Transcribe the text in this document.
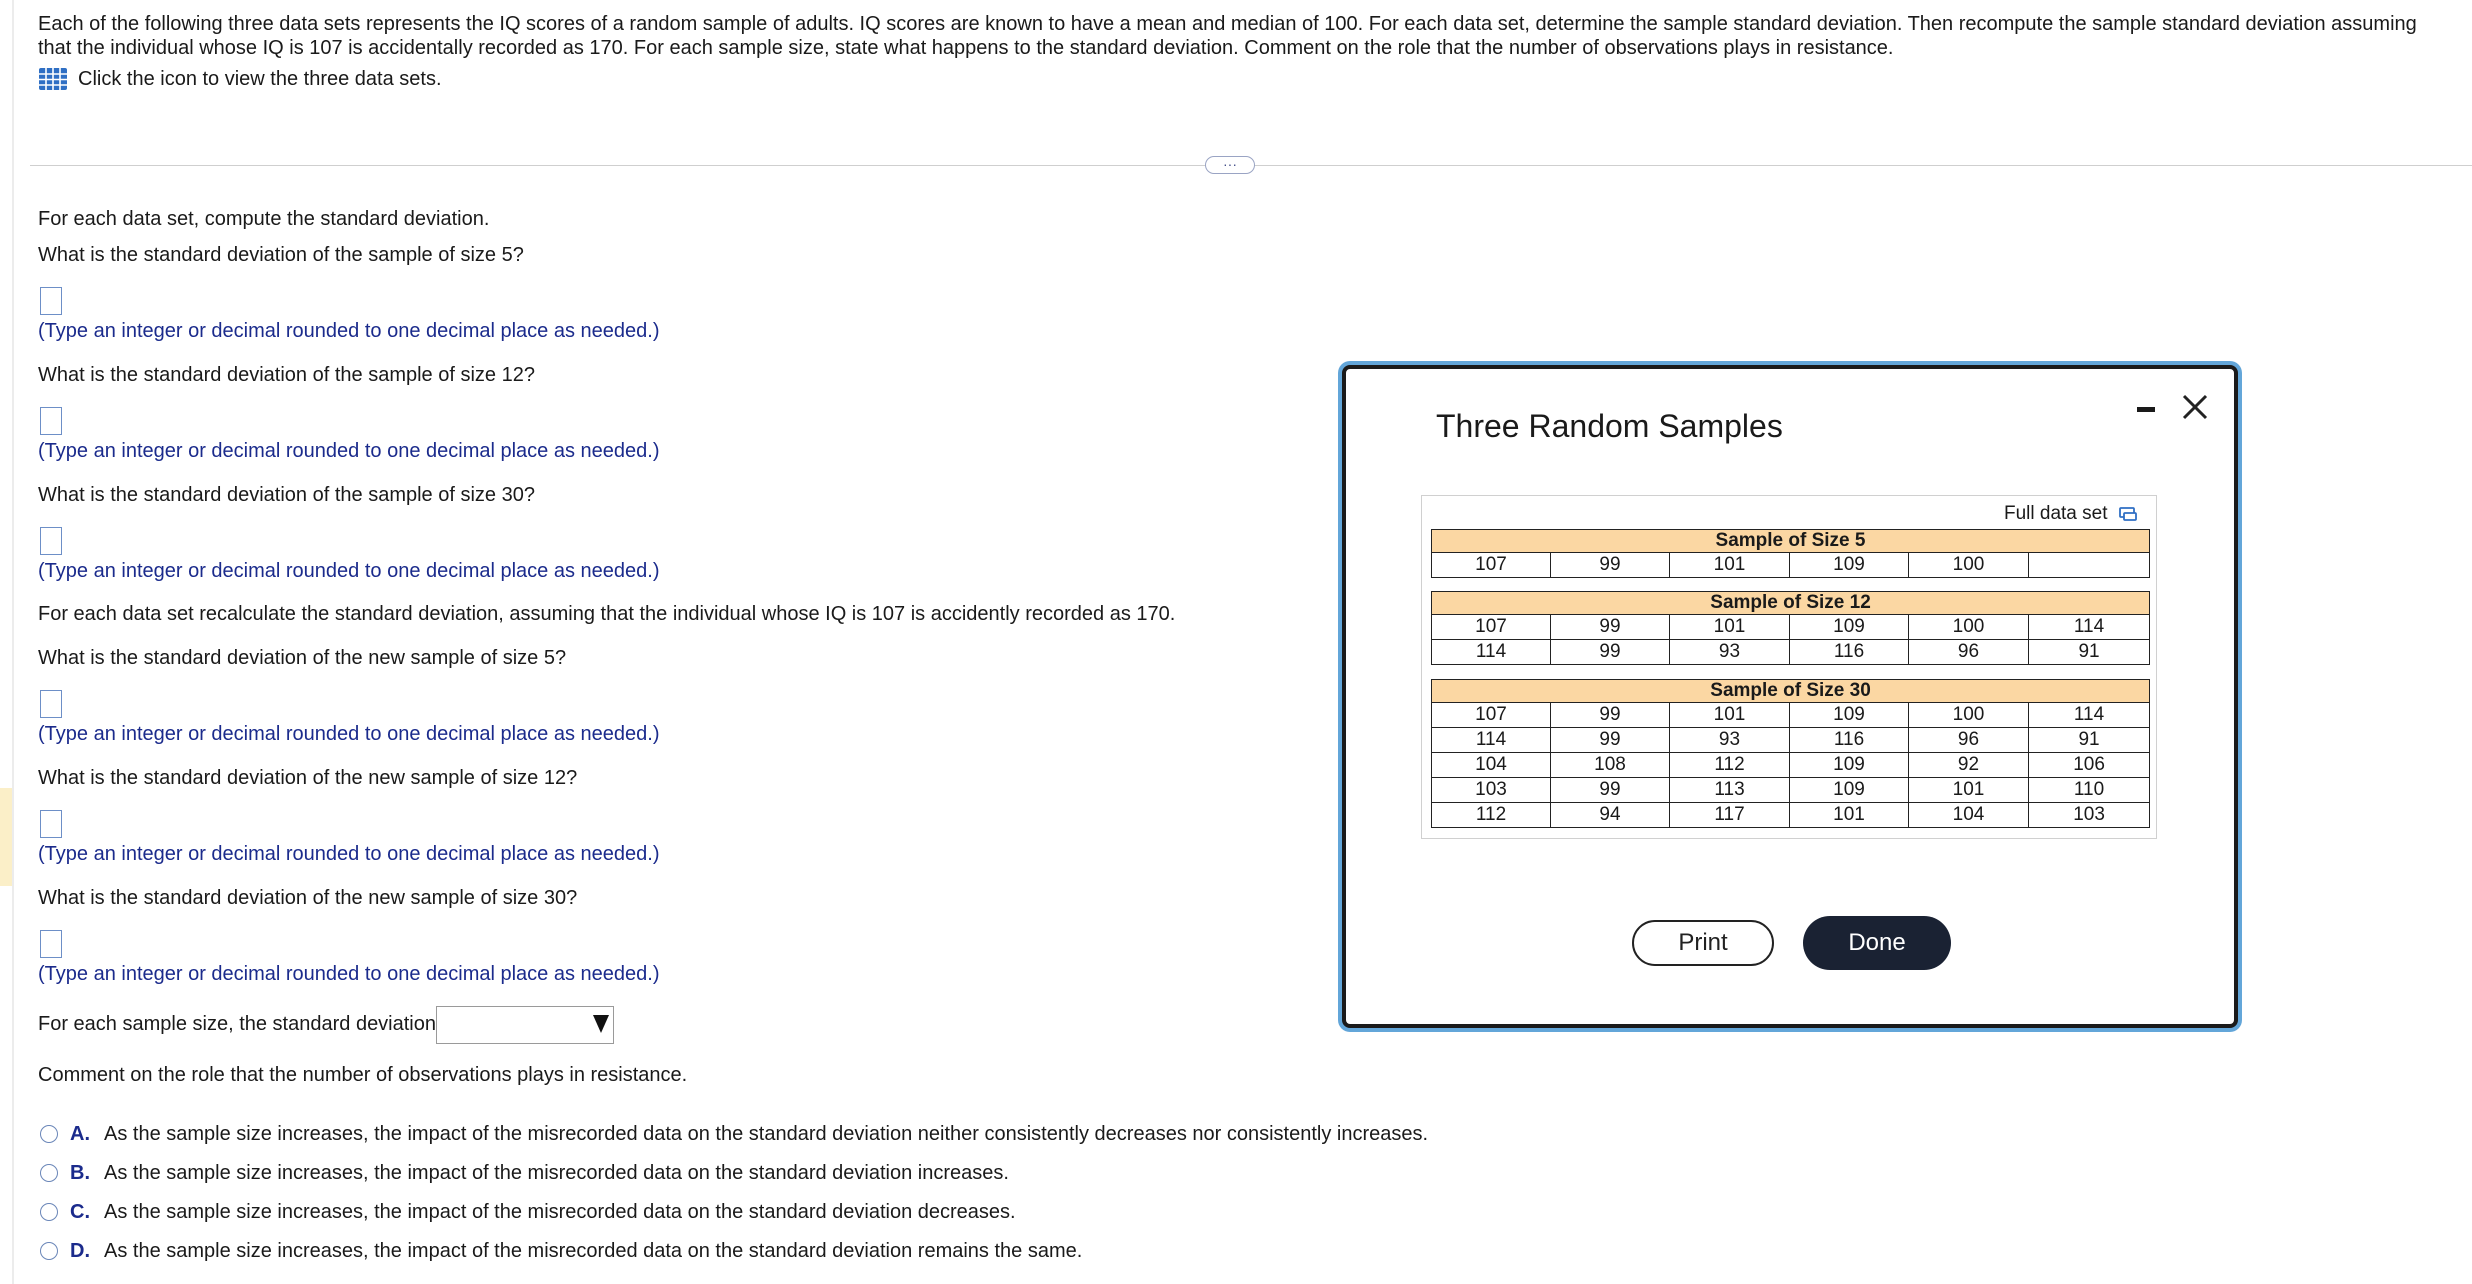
Each of the following three data sets represents the IQ scores of a random sample of adults. IQ scores are known to have a mean and median of 100. For each data set, determine the sample standard deviation. Then recompute the sample standard deviation assuming that the individual whose IQ is 107 is accidentally recorded as 170. For each sample size, state what happens to the standard deviation. Comment on the role that the number of observations plays in resistance.
Click the icon to view the three data sets.
···
For each data set, compute the standard deviation.
What is the standard deviation of the sample of size 5?
(Type an integer or decimal rounded to one decimal place as needed.)
What is the standard deviation of the sample of size 12?
(Type an integer or decimal rounded to one decimal place as needed.)
What is the standard deviation of the sample of size 30?
(Type an integer or decimal rounded to one decimal place as needed.)
For each data set recalculate the standard deviation, assuming that the individual whose IQ is 107 is accidently recorded as 170.
What is the standard deviation of the new sample of size 5?
(Type an integer or decimal rounded to one decimal place as needed.)
What is the standard deviation of the new sample of size 12?
(Type an integer or decimal rounded to one decimal place as needed.)
What is the standard deviation of the new sample of size 30?
(Type an integer or decimal rounded to one decimal place as needed.)
For each sample size, the standard deviation
Comment on the role that the number of observations plays in resistance.
A. As the sample size increases, the impact of the misrecorded data on the standard deviation neither consistently decreases nor consistently increases.
B. As the sample size increases, the impact of the misrecorded data on the standard deviation increases.
C. As the sample size increases, the impact of the misrecorded data on the standard deviation decreases.
D. As the sample size increases, the impact of the misrecorded data on the standard deviation remains the same.
Three Random Samples
Full data set
Sample of Size 5
107	99	101	109	100	
Sample of Size 12					
107	99	101	109	100	114
114	99	93	116	96	91
Sample of Size 30					
107	99	101	109	100	114
114	99	93	116	96	91
104	108	112	109	92	106
103	99	113	109	101	110
112	94	117	101	104	103
Print	Done
